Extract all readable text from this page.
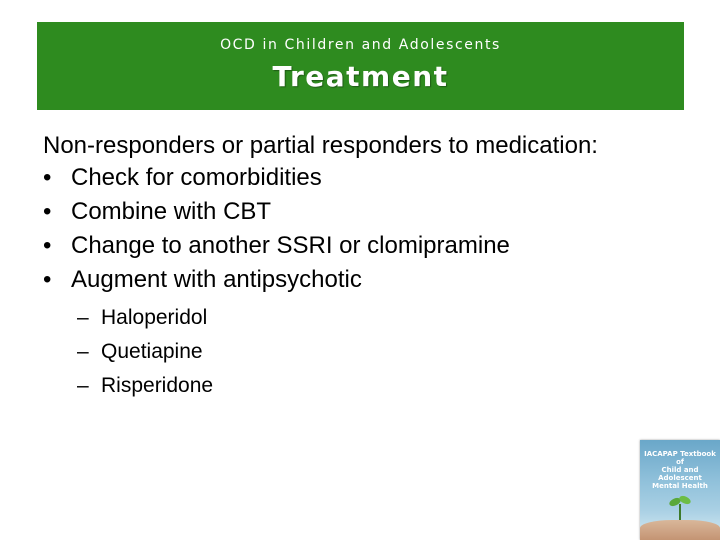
OCD in Children and Adolescents
Treatment

Non-responders or partial responders to medication:

• Check for comorbidities
• Combine with CBT
• Change to another SSRI or clomipramine
• Augment with antipsychotic
– Haloperidol
– Quetiapine
– Risperidone
IACAPAP Textbook
of
Child and Adolescent
Mental Health
